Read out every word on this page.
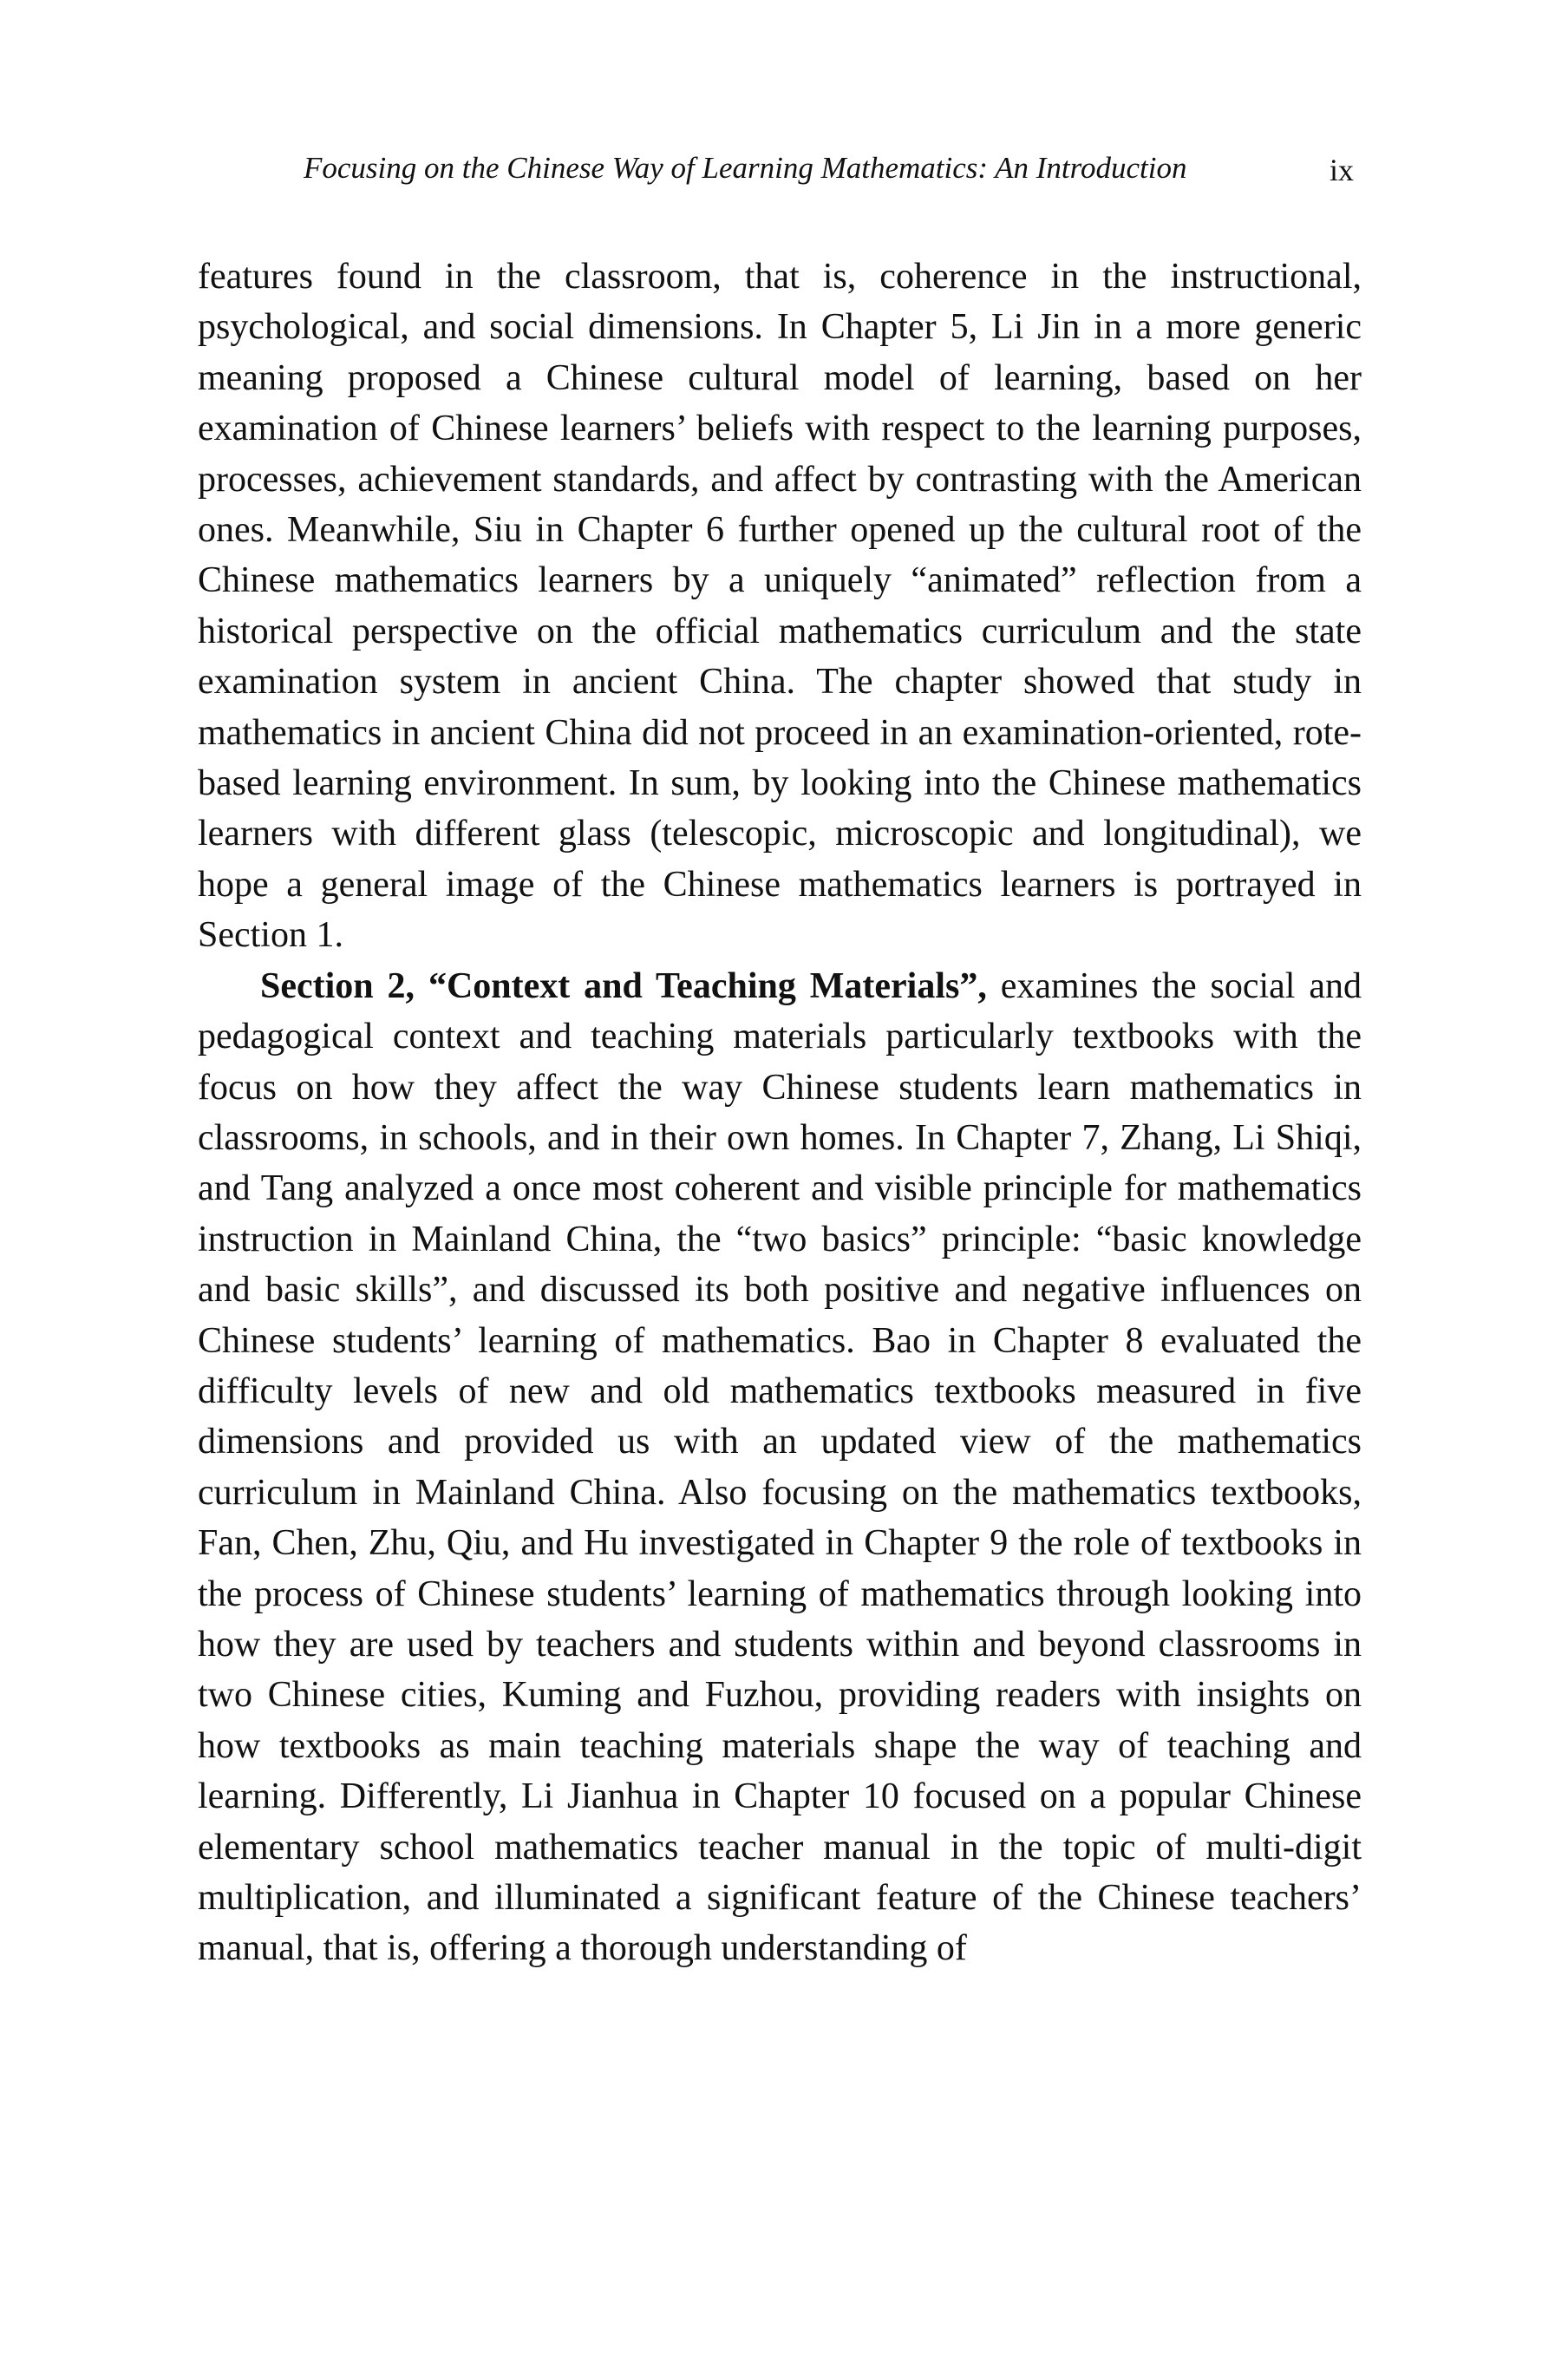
Focusing on the Chinese Way of Learning Mathematics: An Introduction	ix

features found in the classroom, that is, coherence in the instructional, psychological, and social dimensions. In Chapter 5, Li Jin in a more generic meaning proposed a Chinese cultural model of learning, based on her examination of Chinese learners’ beliefs with respect to the learning purposes, processes, achievement standards, and affect by contrasting with the American ones. Meanwhile, Siu in Chapter 6 further opened up the cultural root of the Chinese mathematics learners by a uniquely “animated” reflection from a historical perspective on the official mathematics curriculum and the state examination system in ancient China. The chapter showed that study in mathematics in ancient China did not proceed in an examination-oriented, rote-based learning environment. In sum, by looking into the Chinese mathematics learners with different glass (telescopic, microscopic and longitudinal), we hope a general image of the Chinese mathematics learners is portrayed in Section 1.

Section 2, “Context and Teaching Materials”, examines the social and pedagogical context and teaching materials particularly textbooks with the focus on how they affect the way Chinese students learn mathematics in classrooms, in schools, and in their own homes. In Chapter 7, Zhang, Li Shiqi, and Tang analyzed a once most coherent and visible principle for mathematics instruction in Mainland China, the “two basics” principle: “basic knowledge and basic skills”, and discussed its both positive and negative influences on Chinese students’ learning of mathematics. Bao in Chapter 8 evaluated the difficulty levels of new and old mathematics textbooks measured in five dimensions and provided us with an updated view of the mathematics curriculum in Mainland China. Also focusing on the mathematics textbooks, Fan, Chen, Zhu, Qiu, and Hu investigated in Chapter 9 the role of textbooks in the process of Chinese students’ learning of mathematics through looking into how they are used by teachers and students within and beyond classrooms in two Chinese cities, Kuming and Fuzhou, providing readers with insights on how textbooks as main teaching materials shape the way of teaching and learning. Differently, Li Jianhua in Chapter 10 focused on a popular Chinese elementary school mathematics teacher manual in the topic of multi-digit multiplication, and illuminated a significant feature of the Chinese teachers’ manual, that is, offering a thorough understanding of
